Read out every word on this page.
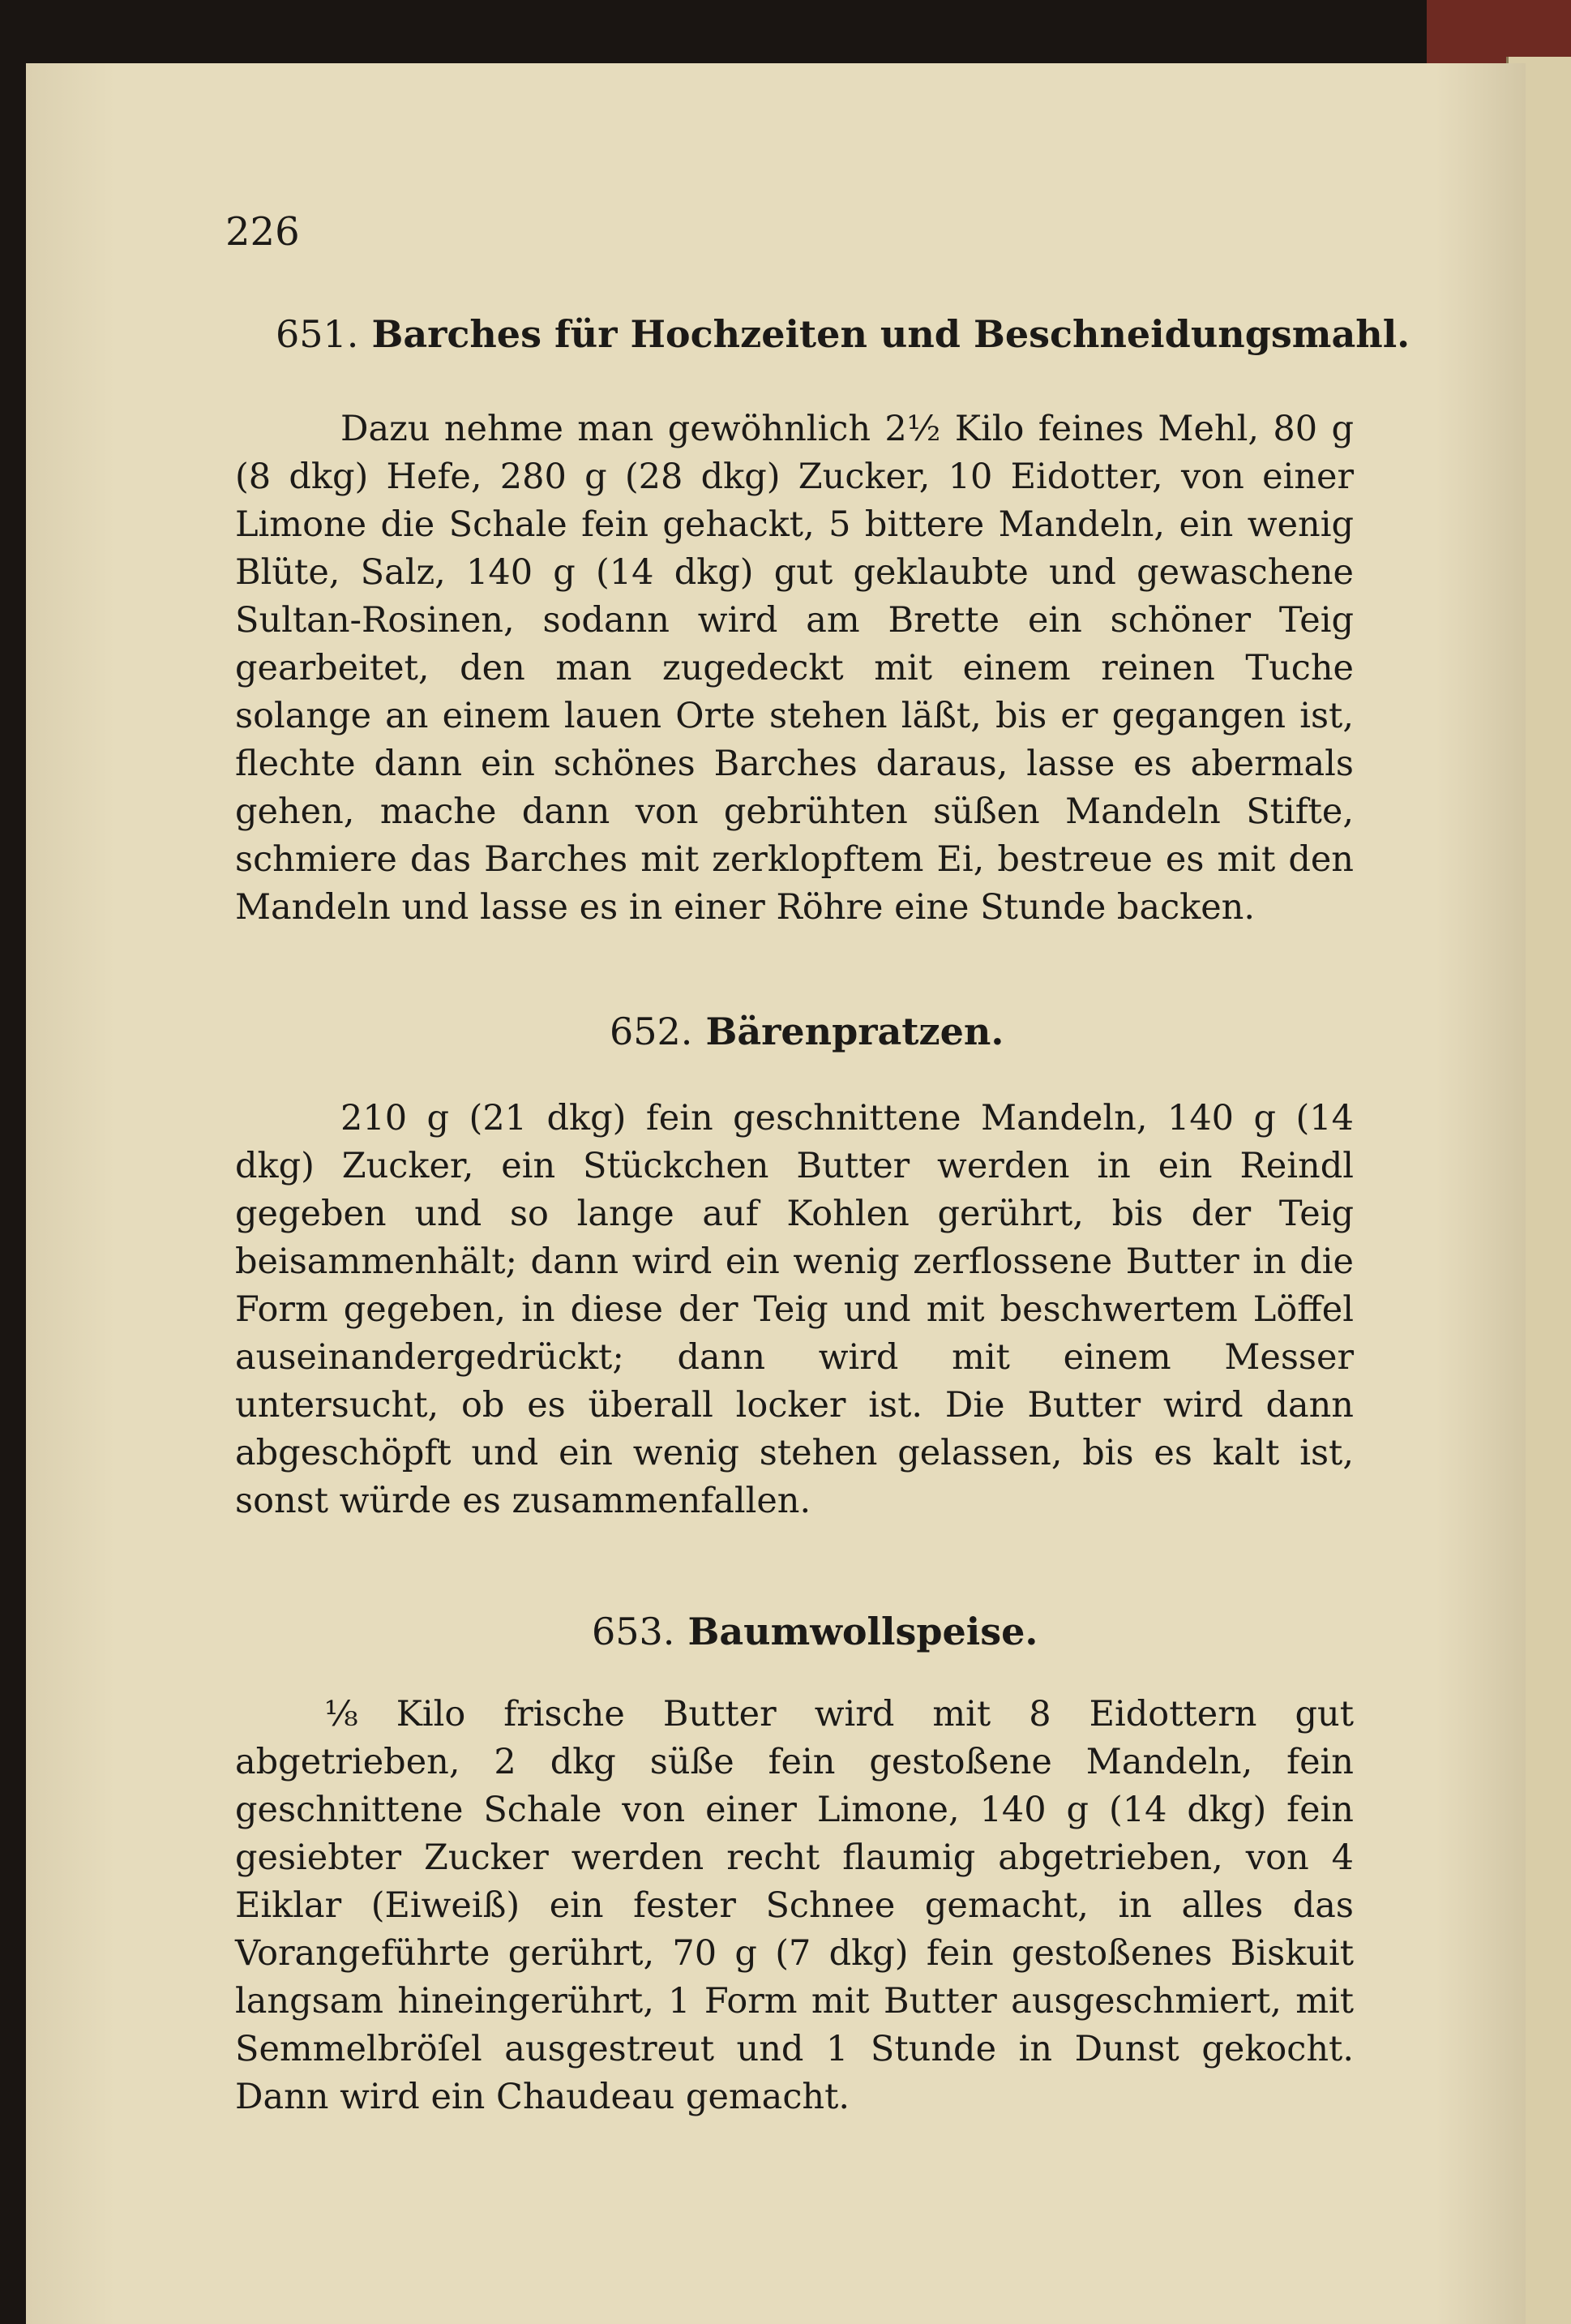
226
651. Barches für Hochzeiten und Beschneidungsmahl.
Dazu nehme man gewöhnlich 2½ Kilo feines Mehl, 80 g (8 dkg) Hefe, 280 g (28 dkg) Zucker, 10 Eidotter, von einer Limone die Schale fein gehackt, 5 bittere Mandeln, ein wenig Blüte, Salz, 140 g (14 dkg) gut geklaubte und gewaschene Sultan-Rosinen, sodann wird am Brette ein schöner Teig gearbeitet, den man zugedeckt mit einem reinen Tuche solange an einem lauen Orte stehen läßt, bis er gegangen ist, flechte dann ein schönes Barches daraus, lasse es abermals gehen, mache dann von gebrühten süßen Mandeln Stifte, schmiere das Barches mit zerklopftem Ei, bestreue es mit den Mandeln und lasse es in einer Röhre eine Stunde backen.
652. Bärenpratzen.
210 g (21 dkg) fein geschnittene Mandeln, 140 g (14 dkg) Zucker, ein Stückchen Butter werden in ein Reindl gegeben und so lange auf Kohlen gerührt, bis der Teig beisammenhält; dann wird ein wenig zerflossene Butter in die Form gegeben, in diese der Teig und mit beschwertem Löffel auseinandergedrückt; dann wird mit einem Messer untersucht, ob es überall locker ist. Die Butter wird dann abgeschöpft und ein wenig stehen gelassen, bis es kalt ist, sonst würde es zusammenfallen.
653. Baumwollspeise.
⅛ Kilo frische Butter wird mit 8 Eidottern gut abgetrieben, 2 dkg süße fein gestoßene Mandeln, fein geschnittene Schale von einer Limone, 140 g (14 dkg) fein gesiebter Zucker werden recht flaumig abgetrieben, von 4 Eiklar (Eiweiß) ein fester Schnee gemacht, in alles das Vorangeführte gerührt, 70 g (7 dkg) fein gestoßenes Biskuit langsam hineingerührt, 1 Form mit Butter ausgeschmiert, mit Semmelbröſel ausgestreut und 1 Stunde in Dunst gekocht. Dann wird ein Chaudeau gemacht.
